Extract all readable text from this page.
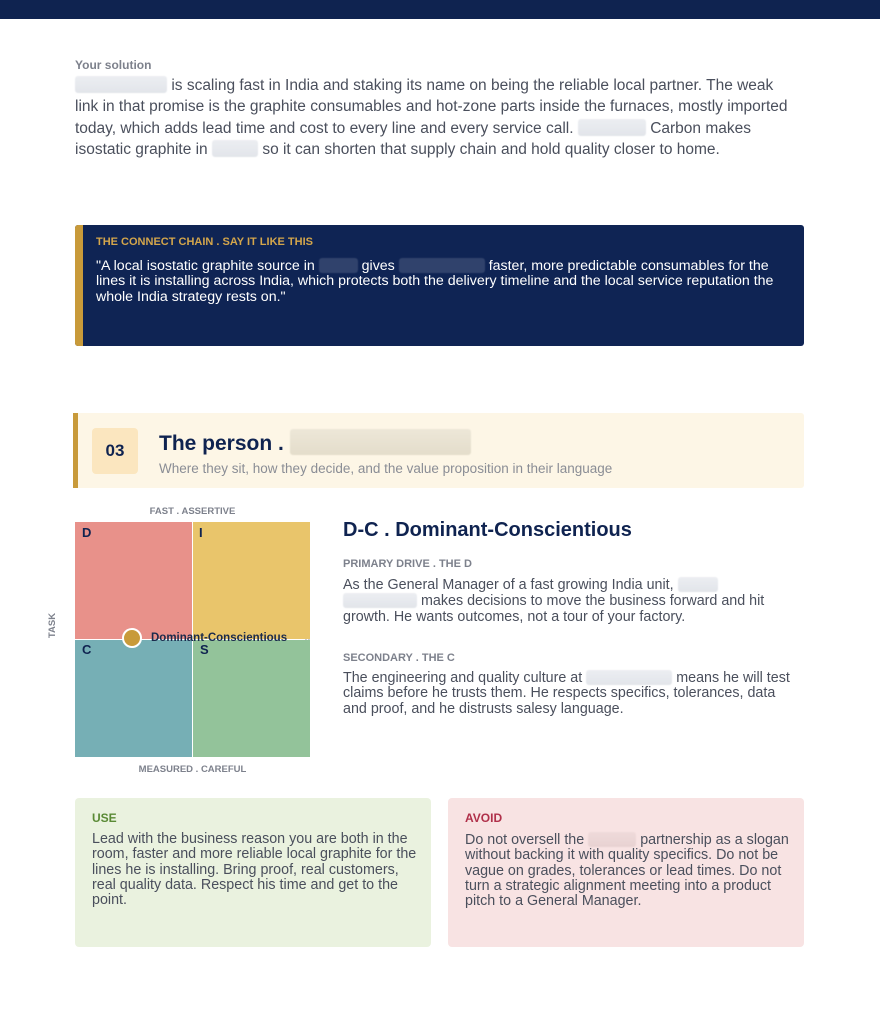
Your solution

is scaling fast in India and staking its name on being the reliable local partner. The weak link in that promise is the graphite consumables and hot-zone parts inside the furnaces, mostly imported today, which adds lead time and cost to every line and every service call.	Carbon makes isostatic graphite in	so it can shorten that supply chain and hold quality closer to home.

THE CONNECT CHAIN . SAY IT LIKE THIS

"A local isostatic graphite source in	gives	faster, more predictable consumables for the lines it is installing across India, which protects both the delivery timeline and the local service reputation the whole India strategy rests on."

03	The person .
Where they sit, how they decide, and the value proposition in their language
FAST . ASSERTIVE
MEASURED . CAREFUL
TASK
D	I
C	S
Dominant-Conscientious
D-C . Dominant-Conscientious
PRIMARY DRIVE . THE D

As the General Manager of a fast growing India unit,   makes decisions to move the business forward and hit growth. He wants outcomes, not a tour of your factory.

SECONDARY . THE C

The engineering and quality culture at	means he will test claims before he trusts them. He respects specifics, tolerances, data and proof, and he distrusts salesy language.

USE

Lead with the business reason you are both in the room, faster and more reliable local graphite for the lines he is installing. Bring proof, real customers, real quality data. Respect his time and get to the point.

AVOID

Do not oversell the	partnership as a slogan without backing it with quality specifics. Do not be vague on grades, tolerances or lead times. Do not turn a strategic alignment meeting into a product pitch to a General Manager.
